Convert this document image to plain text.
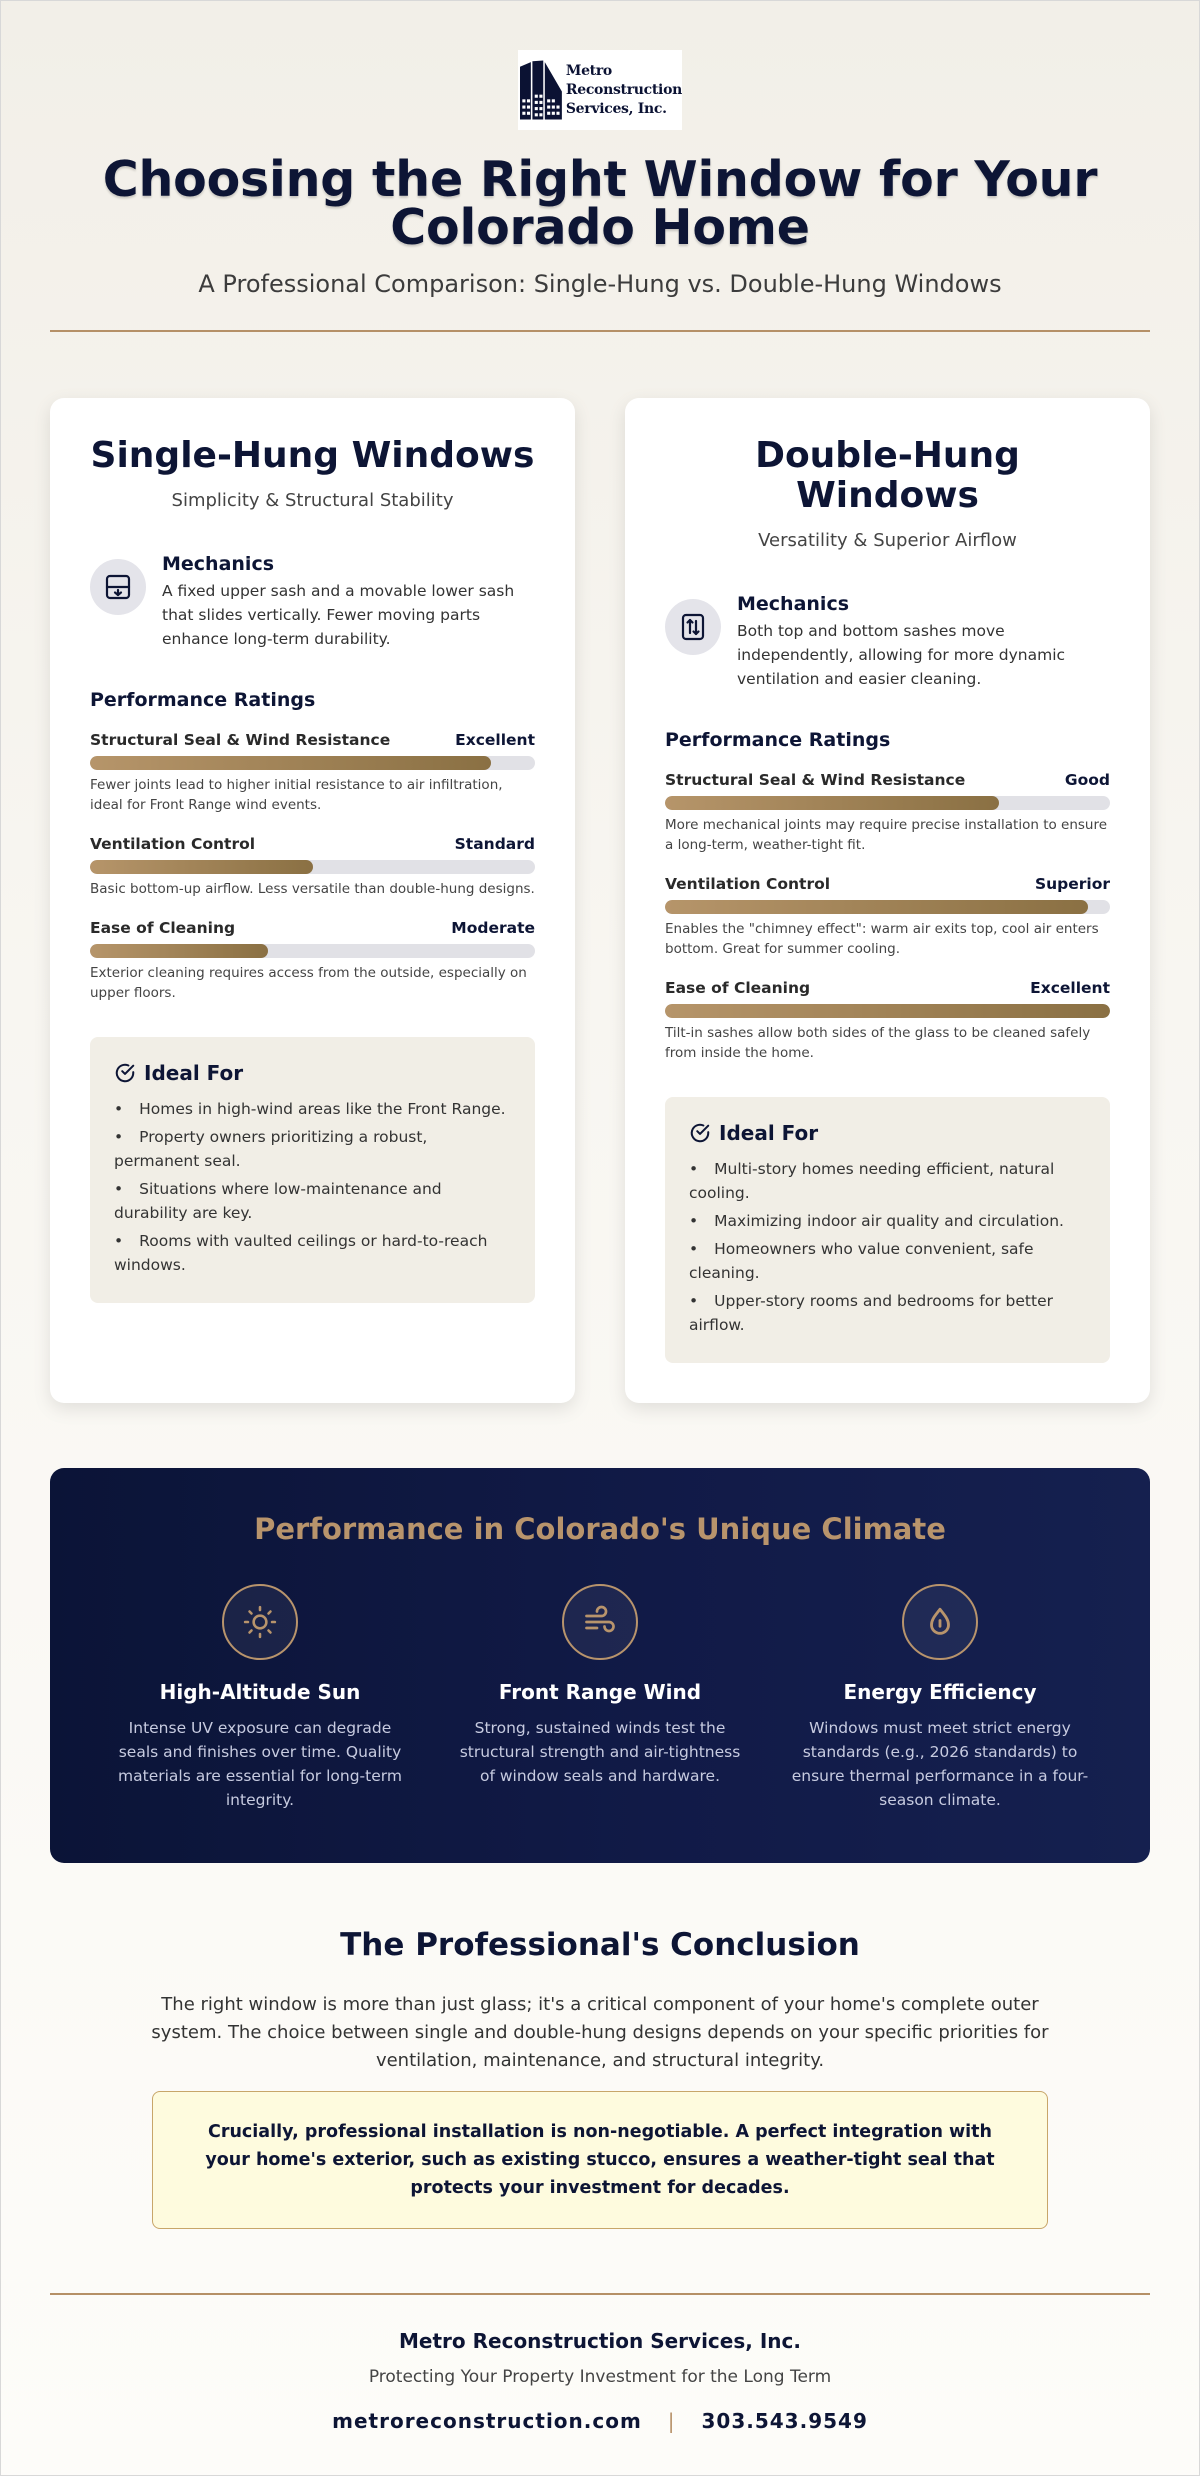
Metro
Reconstruction
Services, Inc.
Choosing the Right Window for Your
Colorado Home
A Professional Comparison: Single-Hung vs. Double-Hung Windows
Single-Hung Windows
Simplicity & Structural Stability
Mechanics
A fixed upper sash and a movable lower sash that slides vertically. Fewer moving parts enhance long-term durability.
Performance Ratings
Structural Seal & Wind Resistance	Excellent
Fewer joints lead to higher initial resistance to air infiltration, ideal for Front Range wind events.
Ventilation Control	Standard
Basic bottom-up airflow. Less versatile than double-hung designs.
Ease of Cleaning	Moderate
Exterior cleaning requires access from the outside, especially on upper floors.
Ideal For
• Homes in high-wind areas like the Front Range.
• Property owners prioritizing a robust, permanent seal.
• Situations where low-maintenance and durability are key.
• Rooms with vaulted ceilings or hard-to-reach windows.
Double-Hung Windows
Versatility & Superior Airflow
Mechanics
Both top and bottom sashes move independently, allowing for more dynamic ventilation and easier cleaning.
Performance Ratings
Structural Seal & Wind Resistance	Good
More mechanical joints may require precise installation to ensure a long-term, weather-tight fit.
Ventilation Control	Superior
Enables the "chimney effect": warm air exits top, cool air enters bottom. Great for summer cooling.
Ease of Cleaning	Excellent
Tilt-in sashes allow both sides of the glass to be cleaned safely from inside the home.
Ideal For
• Multi-story homes needing efficient, natural cooling.
• Maximizing indoor air quality and circulation.
• Homeowners who value convenient, safe cleaning.
• Upper-story rooms and bedrooms for better airflow.
Performance in Colorado's Unique Climate
High-Altitude Sun
Intense UV exposure can degrade seals and finishes over time. Quality materials are essential for long-term integrity.
Front Range Wind
Strong, sustained winds test the structural strength and air-tightness of window seals and hardware.
Energy Efficiency
Windows must meet strict energy standards (e.g., 2026 standards) to ensure thermal performance in a four-season climate.
The Professional's Conclusion

The right window is more than just glass; it's a critical component of your home's complete outer system. The choice between single and double-hung designs depends on your specific priorities for ventilation, maintenance, and structural integrity.

Crucially, professional installation is non-negotiable. A perfect integration with your home's exterior, such as existing stucco, ensures a weather-tight seal that protects your investment for decades.
Metro Reconstruction Services, Inc.
Protecting Your Property Investment for the Long Term
metroreconstruction.com | 303.543.9549
